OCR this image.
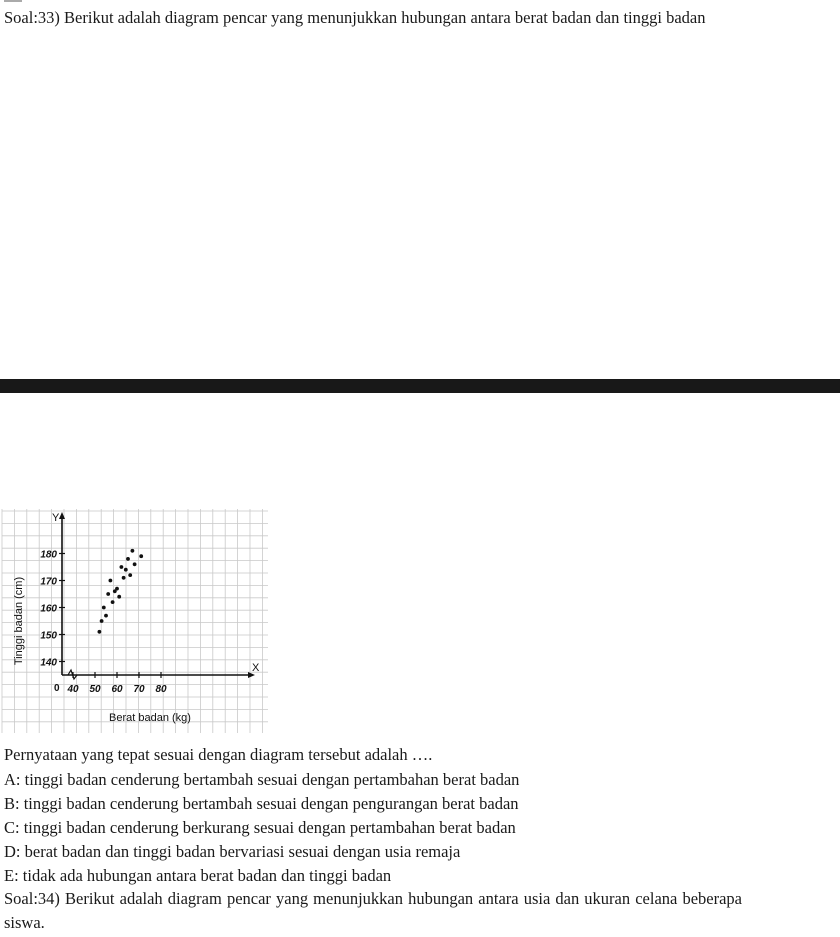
Soal:33) Berikut adalah diagram pencar yang menunjukkan hubungan antara berat badan dan tinggi badan

X
Y
0 40 50 60 70 80
140
150
160
170
180
Berat badan (kg)
Tinggi badan (cm)

Pernyataan yang tepat sesuai dengan diagram tersebut adalah ….

A: tinggi badan cenderung bertambah sesuai dengan pertambahan berat badan

B: tinggi badan cenderung bertambah sesuai dengan pengurangan berat badan

C: tinggi badan cenderung berkurang sesuai dengan pertambahan berat badan

D: berat badan dan tinggi badan bervariasi sesuai dengan usia remaja

E: tidak ada hubungan antara berat badan dan tinggi badan

Soal:34) Berikut adalah diagram pencar yang menunjukkan hubungan antara usia dan ukuran celana beberapa siswa.
